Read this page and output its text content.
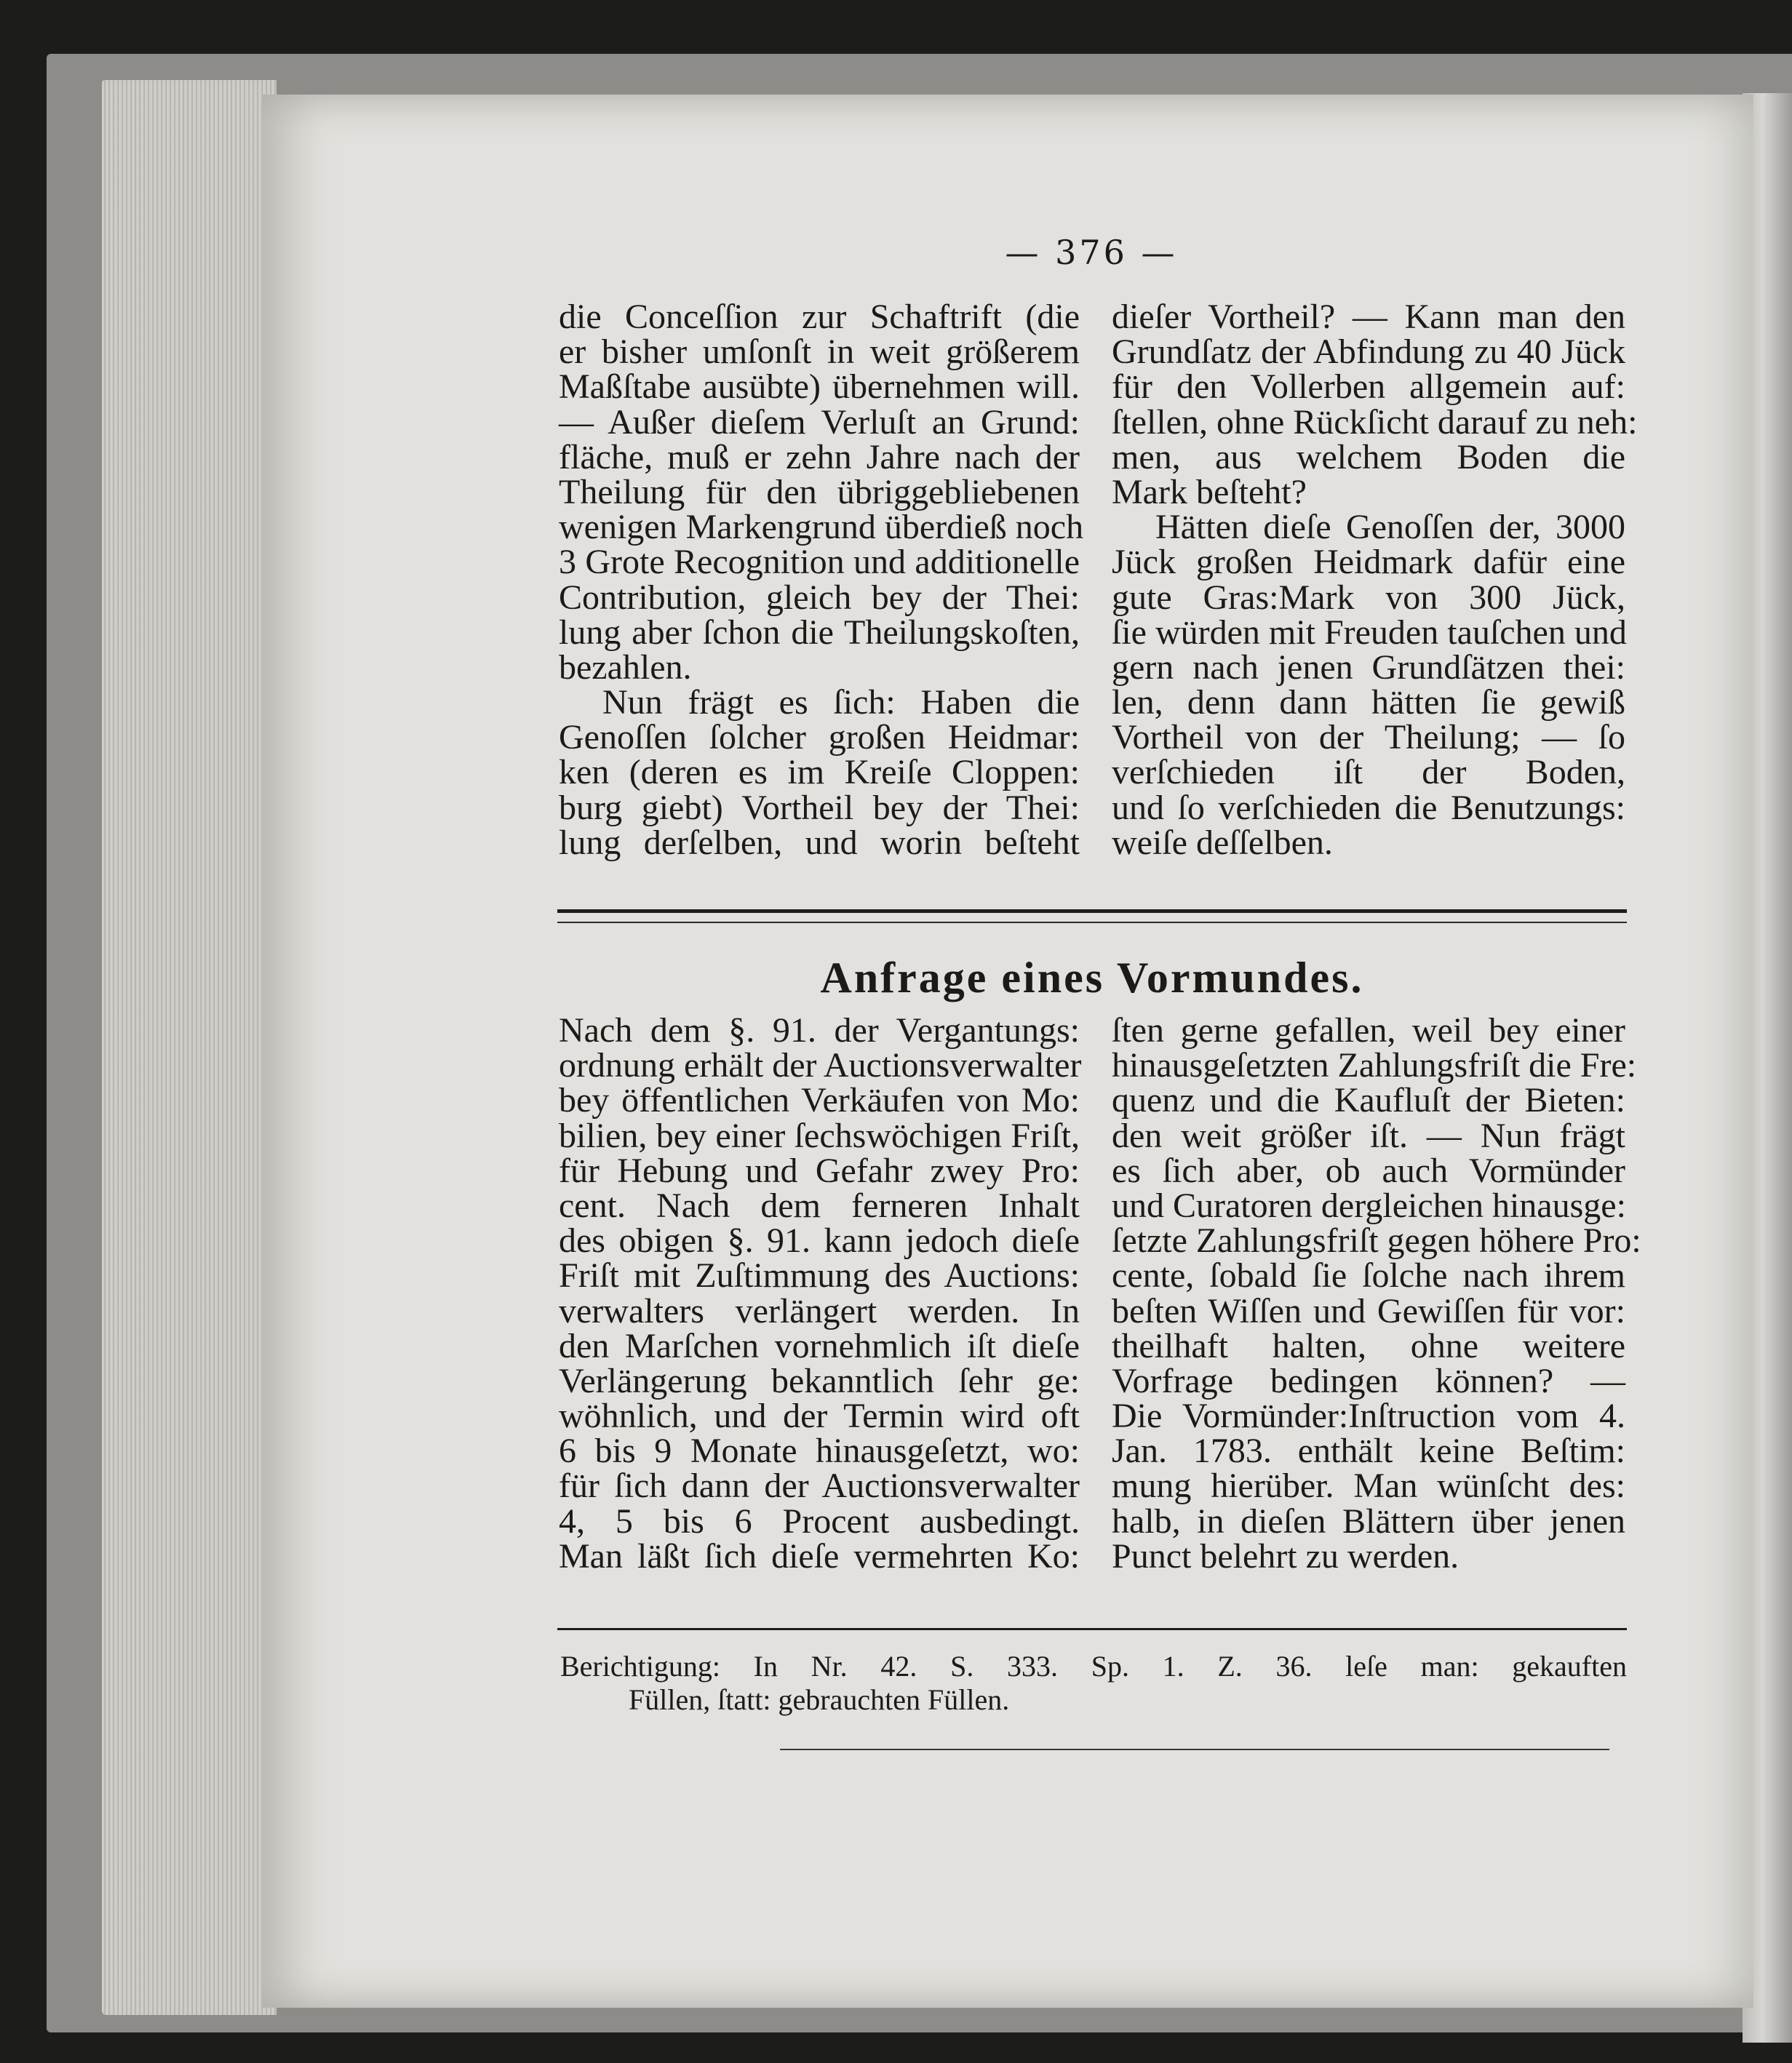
— 376 —
die Conceſſion zur Schaftrift (die
er bisher umſonſt in weit größerem
Maßſtabe ausübte) übernehmen will.
— Außer dieſem Verluſt an Grund:
fläche, muß er zehn Jahre nach der
Theilung für den übriggebliebenen
wenigen Markengrund überdieß noch
3 Grote Recognition und additionelle
Contribution, gleich bey der Thei:
lung aber ſchon die Theilungskoſten,
bezahlen.
Nun frägt es ſich: Haben die
Genoſſen ſolcher großen Heidmar:
ken (deren es im Kreiſe Cloppen:
burg giebt) Vortheil bey der Thei:
lung derſelben, und worin beſteht
dieſer Vortheil? — Kann man den
Grundſatz der Abfindung zu 40 Jück
für den Vollerben allgemein auf:
ſtellen, ohne Rückſicht darauf zu neh:
men, aus welchem Boden die
Mark beſteht?
Hätten dieſe Genoſſen der, 3000
Jück großen Heidmark dafür eine
gute Gras:Mark von 300 Jück,
ſie würden mit Freuden tauſchen und
gern nach jenen Grundſätzen thei:
len, denn dann hätten ſie gewiß
Vortheil von der Theilung; — ſo
verſchieden iſt der Boden,
und ſo verſchieden die Benutzungs:
weiſe deſſelben.
Anfrage eines Vormundes.
Nach dem §. 91. der Vergantungs:
ordnung erhält der Auctionsverwalter
bey öffentlichen Verkäufen von Mo:
bilien, bey einer ſechswöchigen Friſt,
für Hebung und Gefahr zwey Pro:
cent. Nach dem ferneren Inhalt
des obigen §. 91. kann jedoch dieſe
Friſt mit Zuſtimmung des Auctions:
verwalters verlängert werden. In
den Marſchen vornehmlich iſt dieſe
Verlängerung bekanntlich ſehr ge:
wöhnlich, und der Termin wird oft
6 bis 9 Monate hinausgeſetzt, wo:
für ſich dann der Auctionsverwalter
4, 5 bis 6 Procent ausbedingt.
Man läßt ſich dieſe vermehrten Ko:
ſten gerne gefallen, weil bey einer
hinausgeſetzten Zahlungsfriſt die Fre:
quenz und die Kaufluſt der Bieten:
den weit größer iſt. — Nun frägt
es ſich aber, ob auch Vormünder
und Curatoren dergleichen hinausge:
ſetzte Zahlungsfriſt gegen höhere Pro:
cente, ſobald ſie ſolche nach ihrem
beſten Wiſſen und Gewiſſen für vor:
theilhaft halten, ohne weitere
Vorfrage bedingen können? —
Die Vormünder:Inſtruction vom 4.
Jan. 1783. enthält keine Beſtim:
mung hierüber. Man wünſcht des:
halb, in dieſen Blättern über jenen
Punct belehrt zu werden.
Berichtigung: In Nr. 42. S. 333. Sp. 1. Z. 36. leſe man: gekauften
Füllen, ſtatt: gebrauchten Füllen.
